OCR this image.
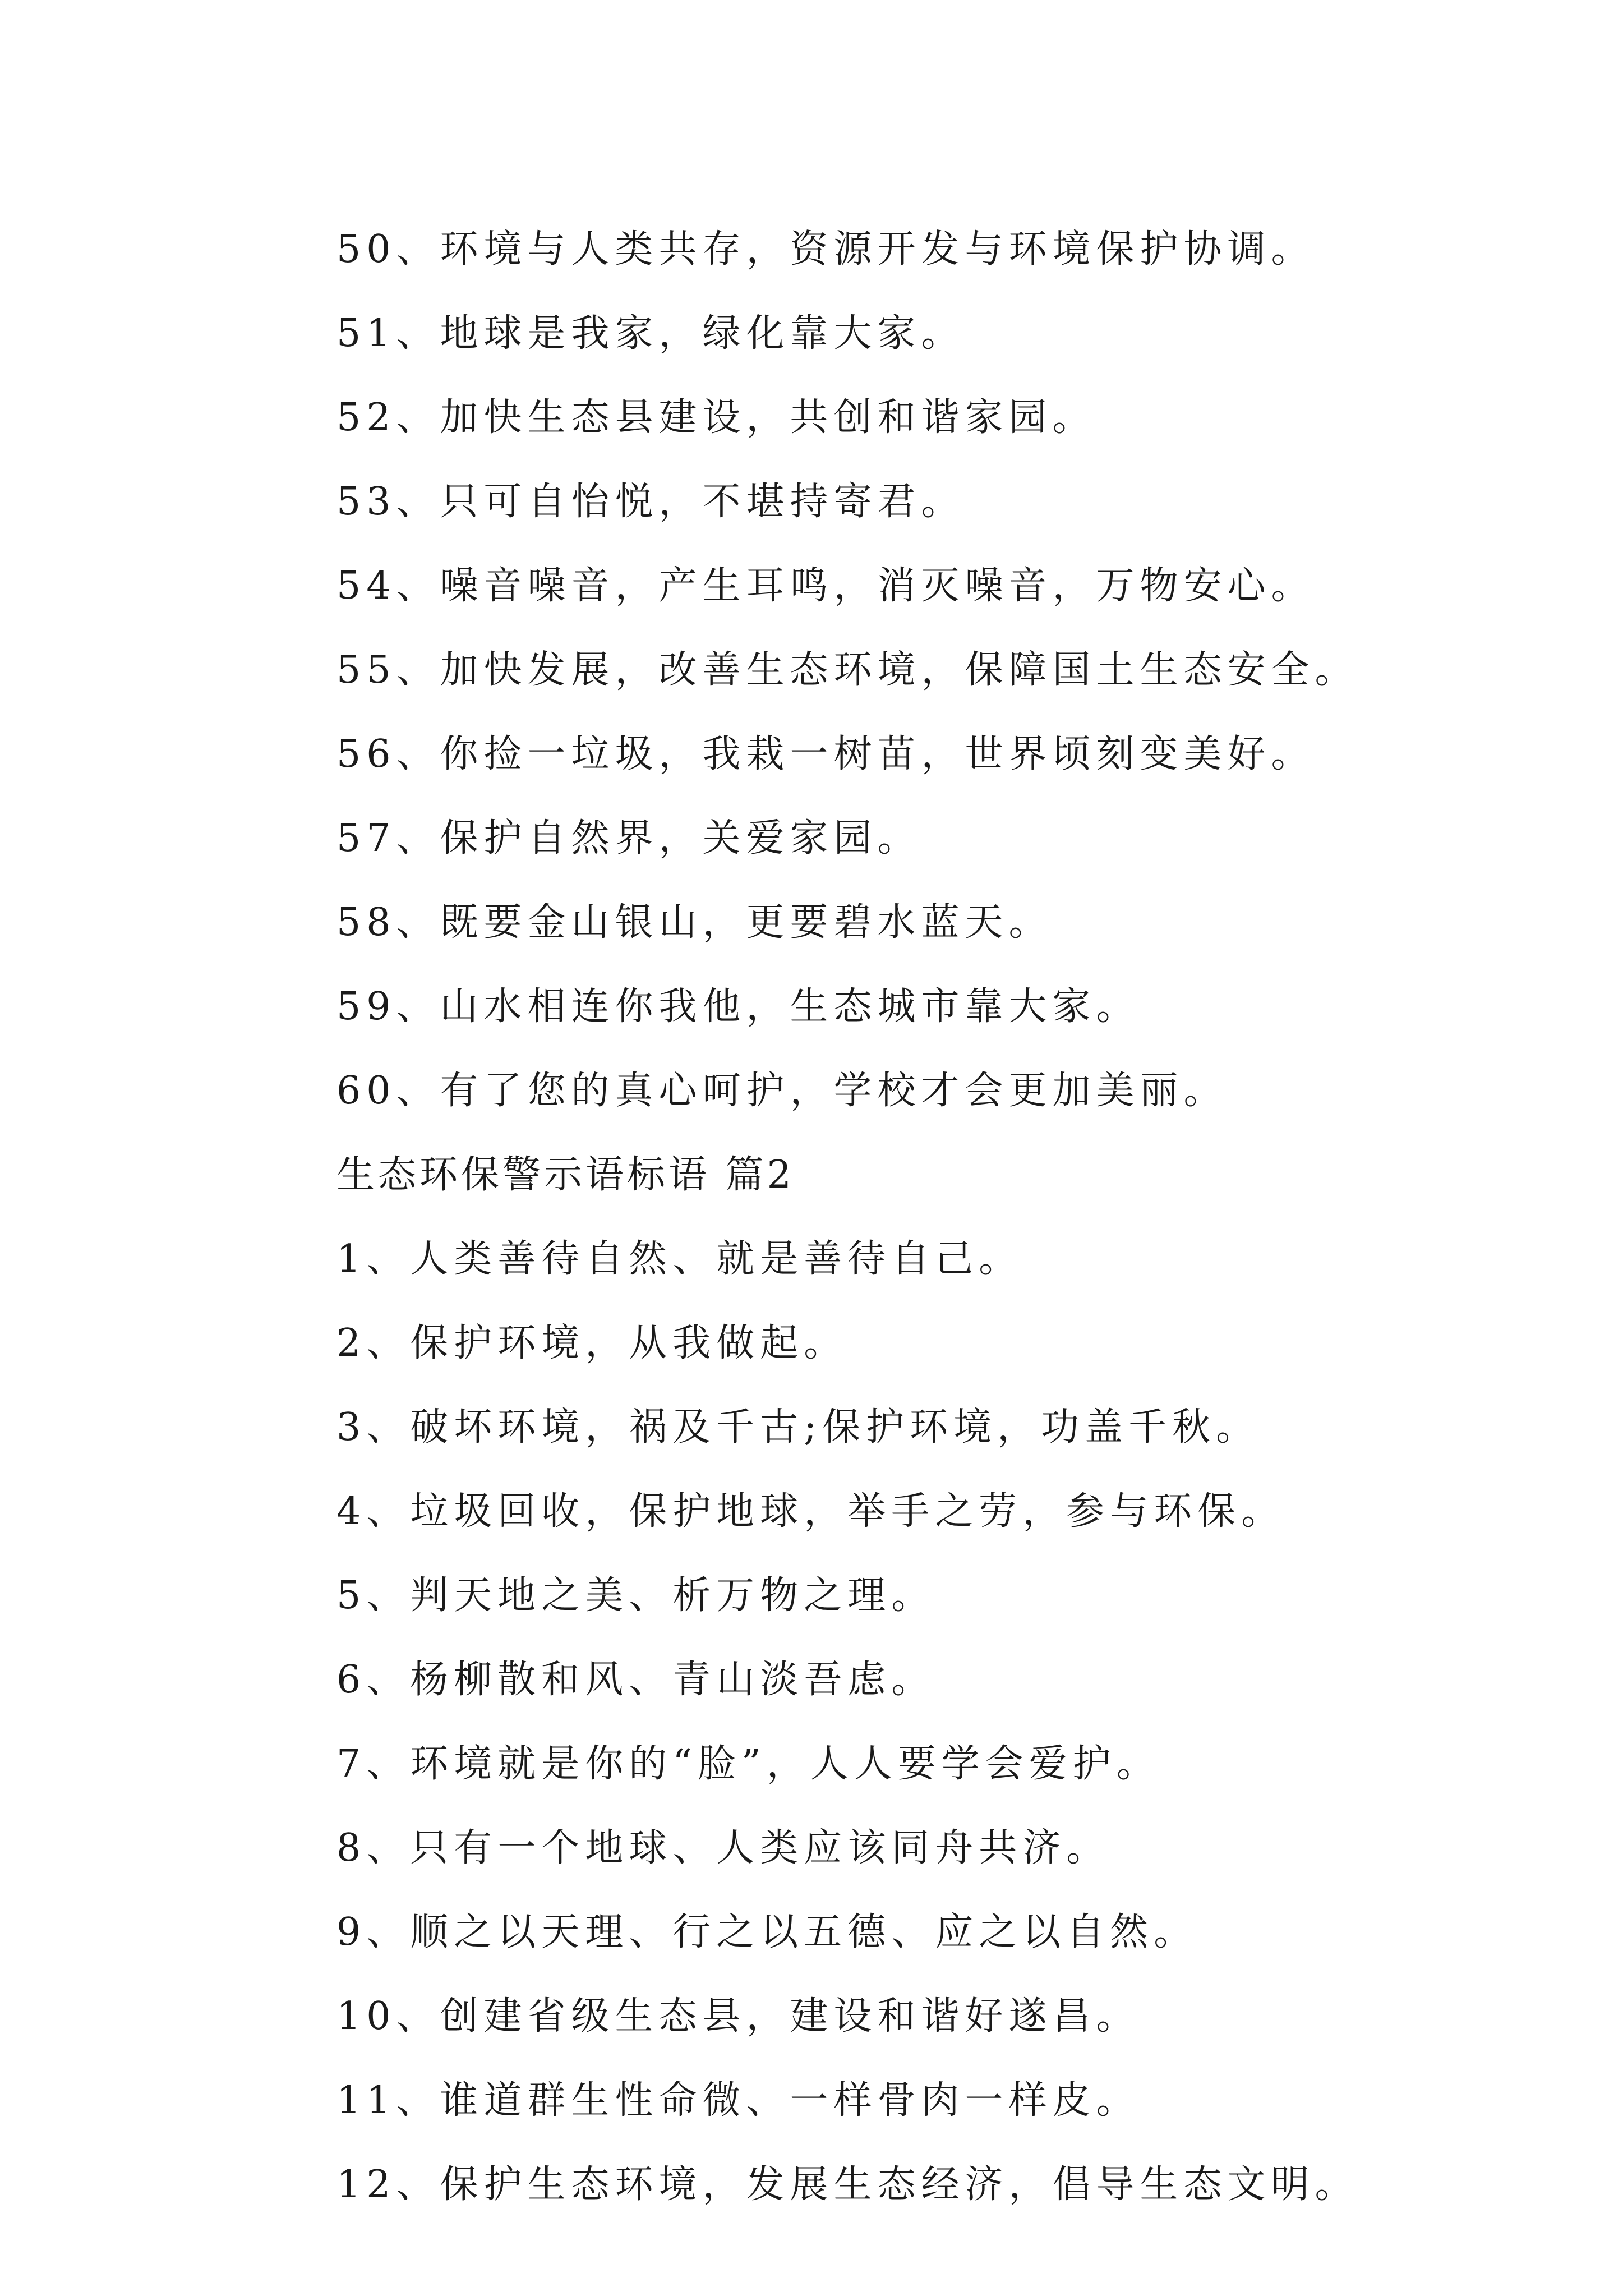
50、环境与人类共存，资源开发与环境保护协调。
51、地球是我家，绿化靠大家。
52、加快生态县建设，共创和谐家园。
53、只可自怡悦，不堪持寄君。
54、噪音噪音，产生耳鸣，消灭噪音，万物安心。
55、加快发展，改善生态环境，保障国土生态安全。
56、你捡一垃圾，我栽一树苗，世界顷刻变美好。
57、保护自然界，关爱家园。
58、既要金山银山，更要碧水蓝天。
59、山水相连你我他，生态城市靠大家。
60、有了您的真心呵护，学校才会更加美丽。
生态环保警示语标语 篇2
1、人类善待自然、就是善待自己。
2、保护环境，从我做起。
3、破坏环境，祸及千古;保护环境，功盖千秋。
4、垃圾回收，保护地球，举手之劳，参与环保。
5、判天地之美、析万物之理。
6、杨柳散和风、青山淡吾虑。
7、环境就是你的“脸”，人人要学会爱护。
8、只有一个地球、人类应该同舟共济。
9、顺之以天理、行之以五德、应之以自然。
10、创建省级生态县，建设和谐好遂昌。
11、谁道群生性命微、一样骨肉一样皮。
12、保护生态环境，发展生态经济，倡导生态文明。
